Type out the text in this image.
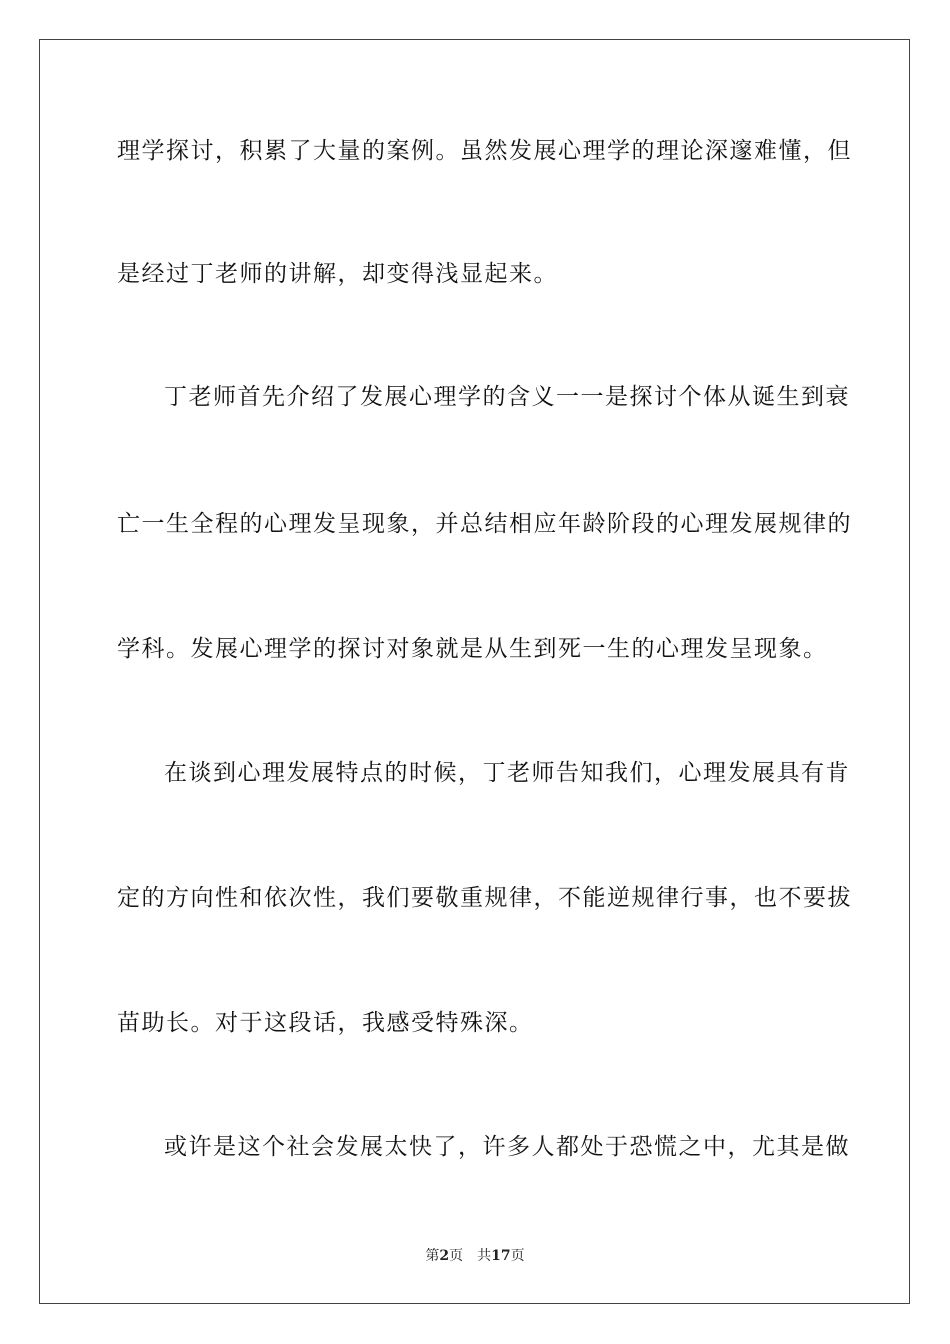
理学探讨，积累了大量的案例。虽然发展心理学的理论深邃难懂，但
是经过丁老师的讲解，却变得浅显起来。
丁老师首先介绍了发展心理学的含义一一是探讨个体从诞生到衰
亡一生全程的心理发呈现象，并总结相应年龄阶段的心理发展规律的
学科。发展心理学的探讨对象就是从生到死一生的心理发呈现象。
在谈到心理发展特点的时候，丁老师告知我们，心理发展具有肯
定的方向性和依次性，我们要敬重规律，不能逆规律行事，也不要拔
苗助长。对于这段话，我感受特殊深。
或许是这个社会发展太快了，许多人都处于恐慌之中，尤其是做
第2页 共17页
